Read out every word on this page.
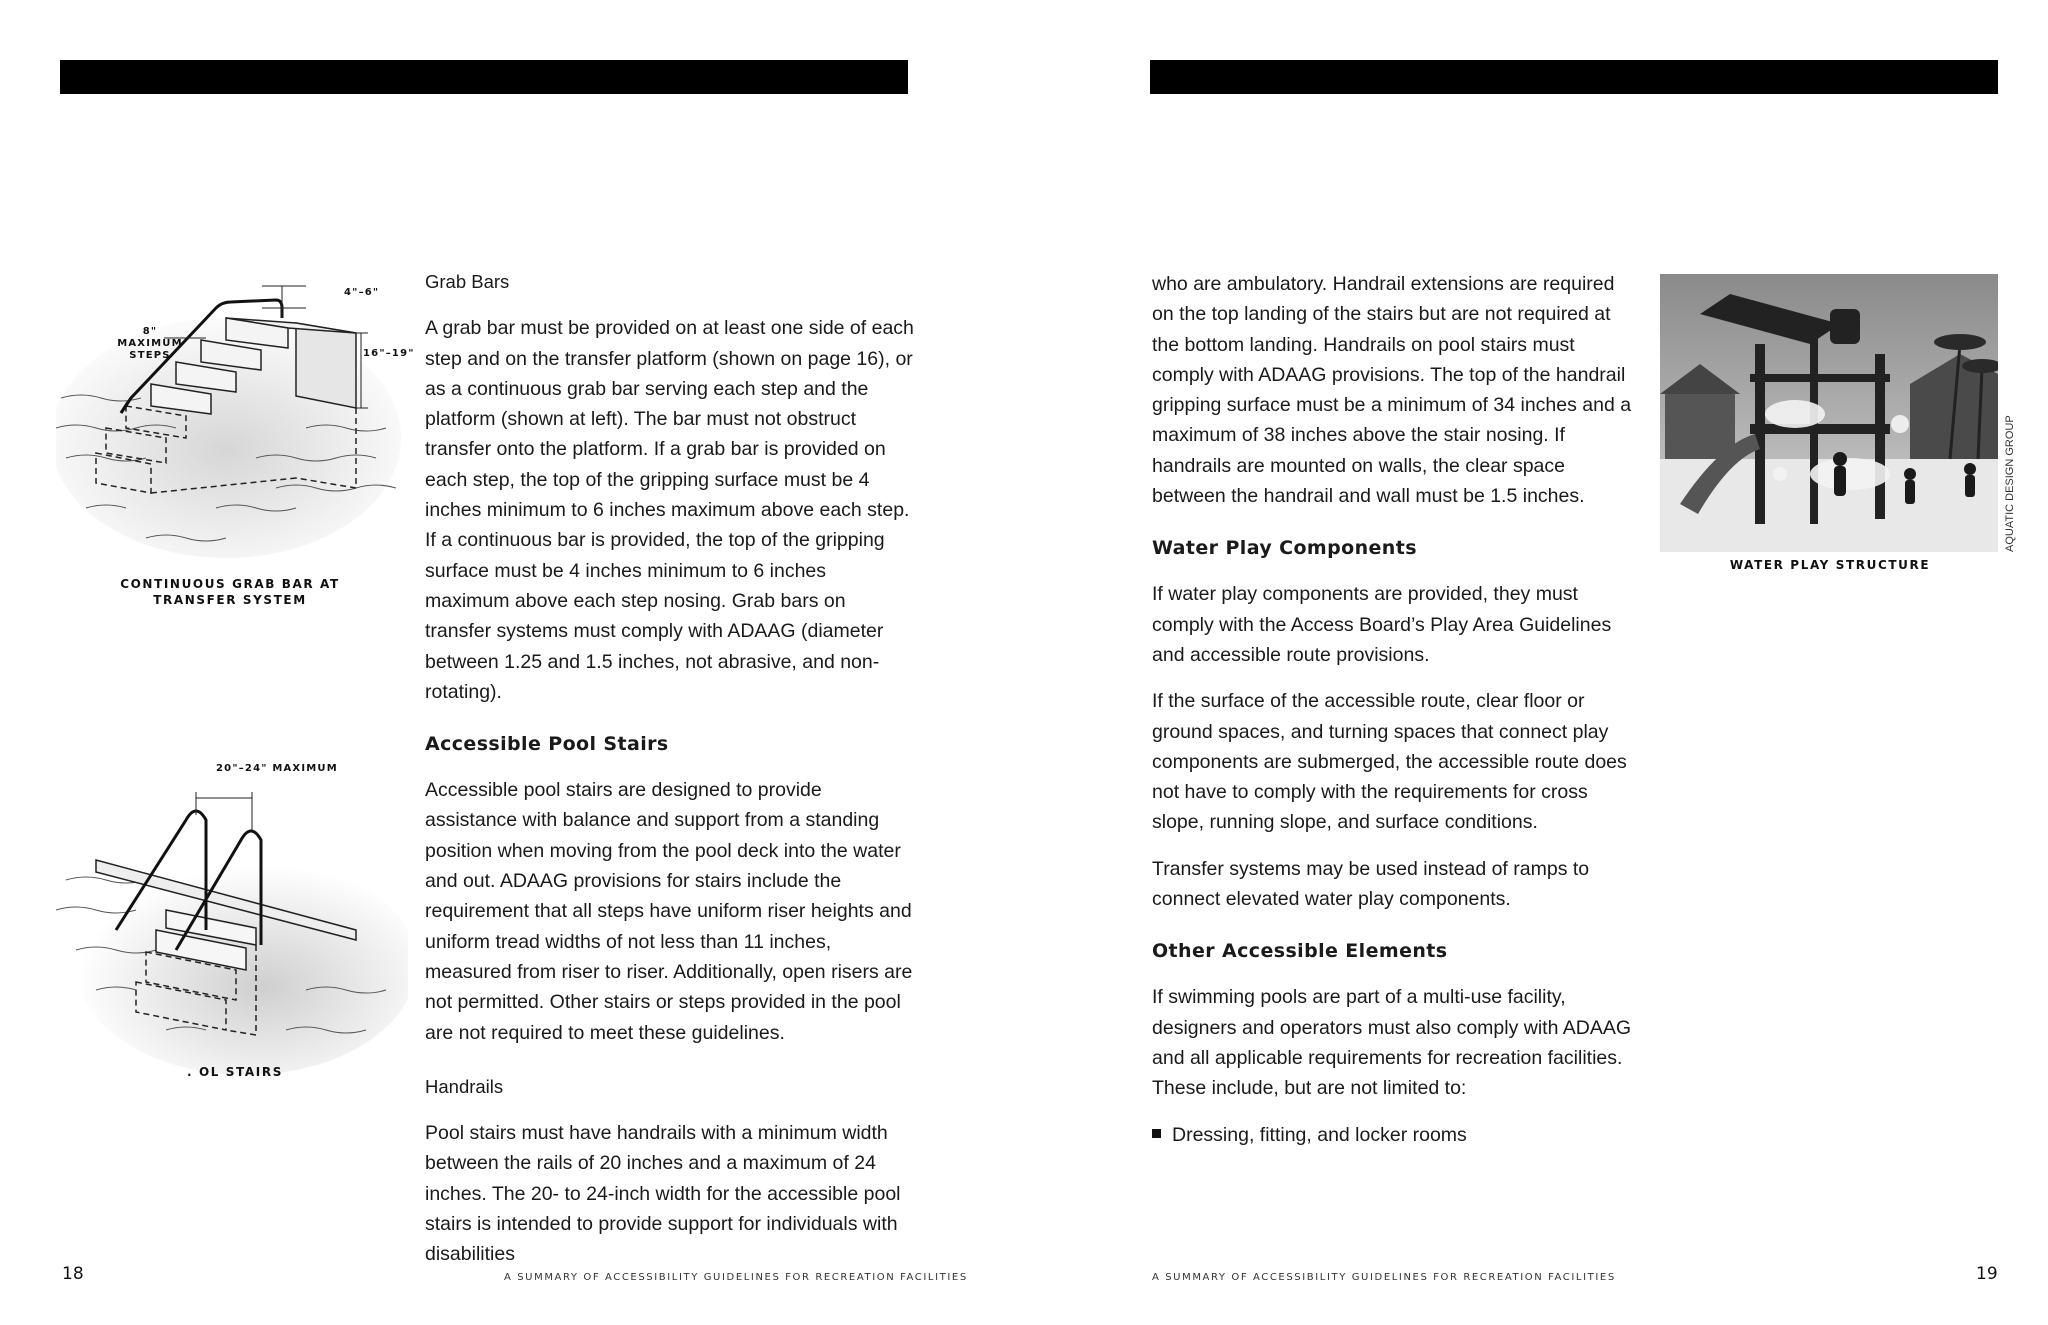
8" MAXIMUM
STEPS
4"–6"
16"–19"
CONTINUOUS GRAB BAR AT
TRANSFER SYSTEM
20"–24" MAXIMUM
. OL STAIRS

Grab Bars

A grab bar must be provided on at least one side of each step and on the transfer platform (shown on page 16), or as a continuous grab bar serving each step and the platform (shown at left). The bar must not obstruct transfer onto the platform. If a grab bar is provided on each step, the top of the gripping surface must be 4 inches minimum to 6 inches maximum above each step. If a continuous bar is provided, the top of the gripping surface must be 4 inches minimum to 6 inches maximum above each step nosing. Grab bars on transfer systems must comply with ADAAG (diameter between 1.25 and 1.5 inches, not abrasive, and non-rotating).

Accessible Pool Stairs

Accessible pool stairs are designed to provide assistance with balance and support from a standing position when moving from the pool deck into the water and out. ADAAG provisions for stairs include the requirement that all steps have uniform riser heights and uniform tread widths of not less than 11 inches, measured from riser to riser. Additionally, open risers are not permitted. Other stairs or steps provided in the pool are not required to meet these guidelines.

Handrails

Pool stairs must have handrails with a minimum width between the rails of 20 inches and a maximum of 24 inches. The 20- to 24-inch width for the accessible pool stairs is intended to provide support for individuals with disabilities

18	A SUMMARY OF ACCESSIBILITY GUIDELINES FOR RECREATION FACILITIES

who are ambulatory. Handrail extensions are required on the top landing of the stairs but are not required at the bottom landing. Handrails on pool stairs must comply with ADAAG provisions. The top of the handrail gripping surface must be a minimum of 34 inches and a maximum of 38 inches above the stair nosing. If handrails are mounted on walls, the clear space between the handrail and wall must be 1.5 inches.

Water Play Components

If water play components are provided, they must comply with the Access Board’s Play Area Guidelines and accessible route provisions.

If the surface of the accessible route, clear floor or ground spaces, and turning spaces that connect play components are submerged, the accessible route does not have to comply with the requirements for cross slope, running slope, and surface conditions.

Transfer systems may be used instead of ramps to connect elevated water play components.

Other Accessible Elements

If swimming pools are part of a multi-use facility, designers and operators must also comply with ADAAG and all applicable requirements for recreation facilities. These include, but are not limited to:

Dressing, fitting, and locker rooms
AQUATIC DESIGN GROUP
WATER PLAY STRUCTURE
A SUMMARY OF ACCESSIBILITY GUIDELINES FOR RECREATION FACILITIES	19
